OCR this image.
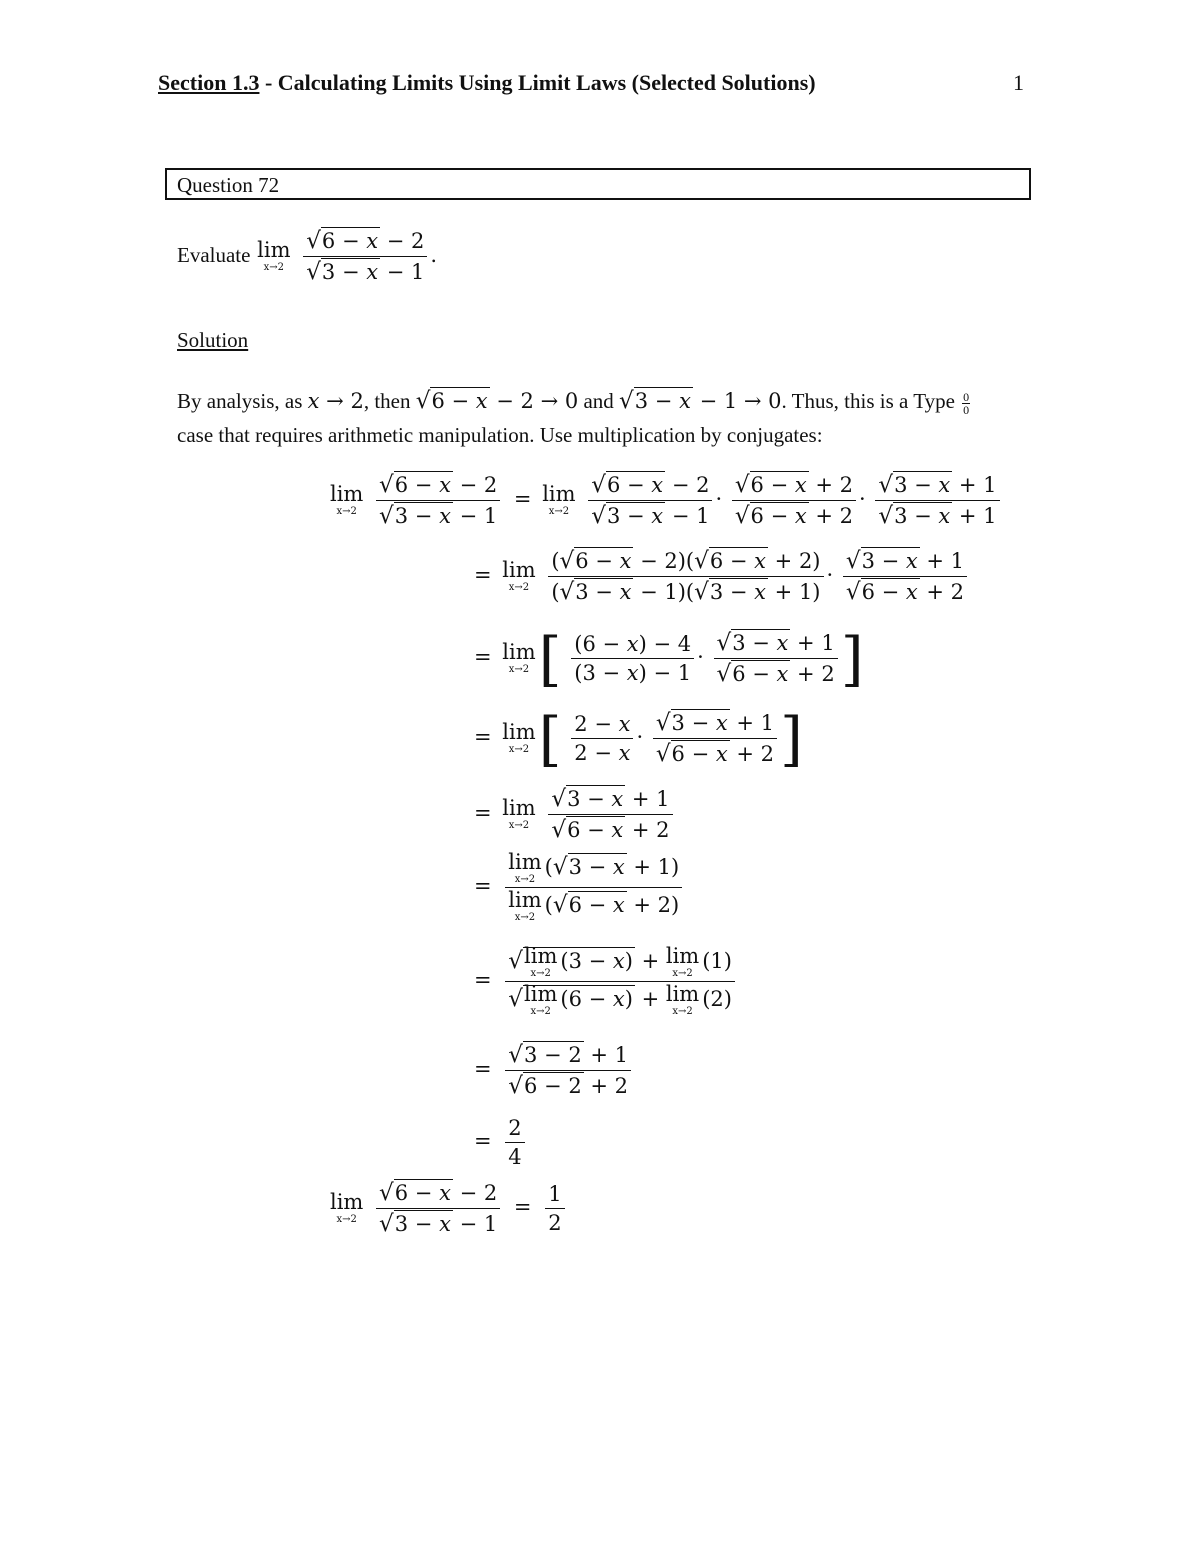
Section 1.3 - Calculating Limits Using Limit Laws (Selected Solutions)	1
Question 72
Evaluate lim
x→2
$\frac{√6 - x - 2}{√3 - x - 1}$ .
Solution
By analysis, as x → 2, then √6 − x − 2 → 0 and √3 − x − 1 → 0. Thus, this is a Type $\frac{0}{0}$
case that requires arithmetic manipulation. Use multiplication by conjugates:
lim
x→2
$\frac{√6 - x - 2}{√3 - x - 1} = \lim$
x→2
$\frac{√6 - x - 2}{√3 - x - 1} \cdot \frac{√6 - x + 2}{√6 - x + 2} \cdot \frac{√3 - x + 1}{√3 - x + 1}$
= lim
x→2
$\frac{(√6 - x - 2)(√6 - x + 2)}{(√3 - x - 1)(√3 - x + 1)} \cdot \frac{√3 - x + 1}{√6 - x + 2}$
= lim
x→2 [ $\frac{(6 - x) - 4}{(3 - x) - 1} \cdot \frac{√3 - x + 1}{√6 - x + 2}$ ]
= lim
x→2 [ $\frac{2 - x}{2 - x} \cdot \frac{√3 - x + 1}{√6 - x + 2}$ ]
= lim
x→2
$\frac{√3 - x + 1}{√6 - x + 2}$
= lim
x→2
(√3 − x + 1)
lim
x→2
(√6 − x + 2)
= √ lim
x→2
(3 − x) + lim
x→2
(1)
√ lim
x→2
(6 − x) + lim
x→2
(2)
= $\frac{√3 - 2 + 1}{√6 - 2 + 2}$
= $\frac{2}{4}$
lim
x→2
$\frac{√6 - x - 2}{√3 - x - 1} = \frac{1}{2}$
